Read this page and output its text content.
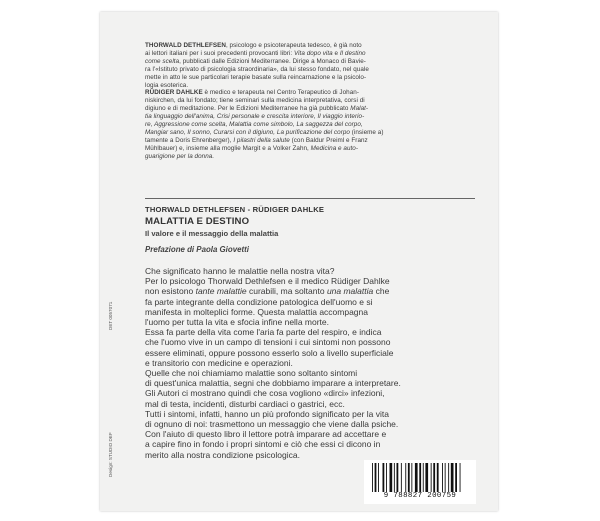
THORWALD DETHLEFSEN, psicologo e psicoterapeuta tedesco, è già noto
ai lettori italiani per i suoi precedenti provocanti libri: Vita dopo vita e Il destino
come scelta, pubblicati dalle Edizioni Mediterranee. Dirige a Monaco di Bavie-
ra l'«Istituto privato di psicologia straordinaria», da lui stesso fondato, nel quale
mette in atto le sue particolari terapie basate sulla reincarnazione e la psicolo-
logia esoterica.

RÜDIGER DAHLKE è medico e terapeuta nel Centro Terapeutico di Johan-
niskirchen, da lui fondato; tiene seminari sulla medicina interpretativa, corsi di
digiuno e di meditazione. Per le Edizioni Mediterranee ha già pubblicato Malat-
tia linguaggio dell'anima, Crisi personale e crescita interiore, Il viaggio interio-
re, Aggressione come scelta, Malattia come simbolo, La saggezza del corpo,
Mangiar sano, Il sonno, Curarsi con il digiuno, La purificazione del corpo (insieme a)
tamente a Doris Ehrenberger), I pilastri della salute (con Baldur Preiml e Franz
Mühlbauer) e, insieme alla moglie Margit e a Volker Zahn, Medicina e auto-
guarigione per la donna.

THORWALD DETHLEFSEN - RÜDIGER DAHLKE
MALATTIA E DESTINO
Il valore e il messaggio della malattia
Prefazione di Paola Giovetti
Che significato hanno le malattie nella nostra vita?
Per lo psicologo Thorwald Dethlefsen e il medico Rüdiger Dahlke
non esistono tante malattie curabili, ma soltanto una malattia che
fa parte integrante della condizione patologica dell'uomo e si
manifesta in molteplici forme. Questa malattia accompagna
l'uomo per tutta la vita e sfocia infine nella morte.
Essa fa parte della vita come l'aria fa parte del respiro, e indica
che l'uomo vive in un campo di tensioni i cui sintomi non possono
essere eliminati, oppure possono esserlo solo a livello superficiale
e transitorio con medicine e operazioni.
Quelle che noi chiamiamo malattie sono soltanto sintomi
di quest'unica malattia, segni che dobbiamo imparare a interpretare.
Gli Autori ci mostrano quindi che cosa vogliono «dirci» infezioni,
mal di testa, incidenti, disturbi cardiaci o gastrici, ecc.
Tutti i sintomi, infatti, hanno un più profondo significato per la vita
di ognuno di noi: trasmettono un messaggio che viene dalla psiche.
Con l'aiuto di questo libro il lettore potrà imparare ad accettare e
a capire fino in fondo i propri sintomi e ciò che essi ci dicono in
merito alla nostra condizione psicologica.
DET 0057071
Design: STUDIO DEF
9 788827 200759
